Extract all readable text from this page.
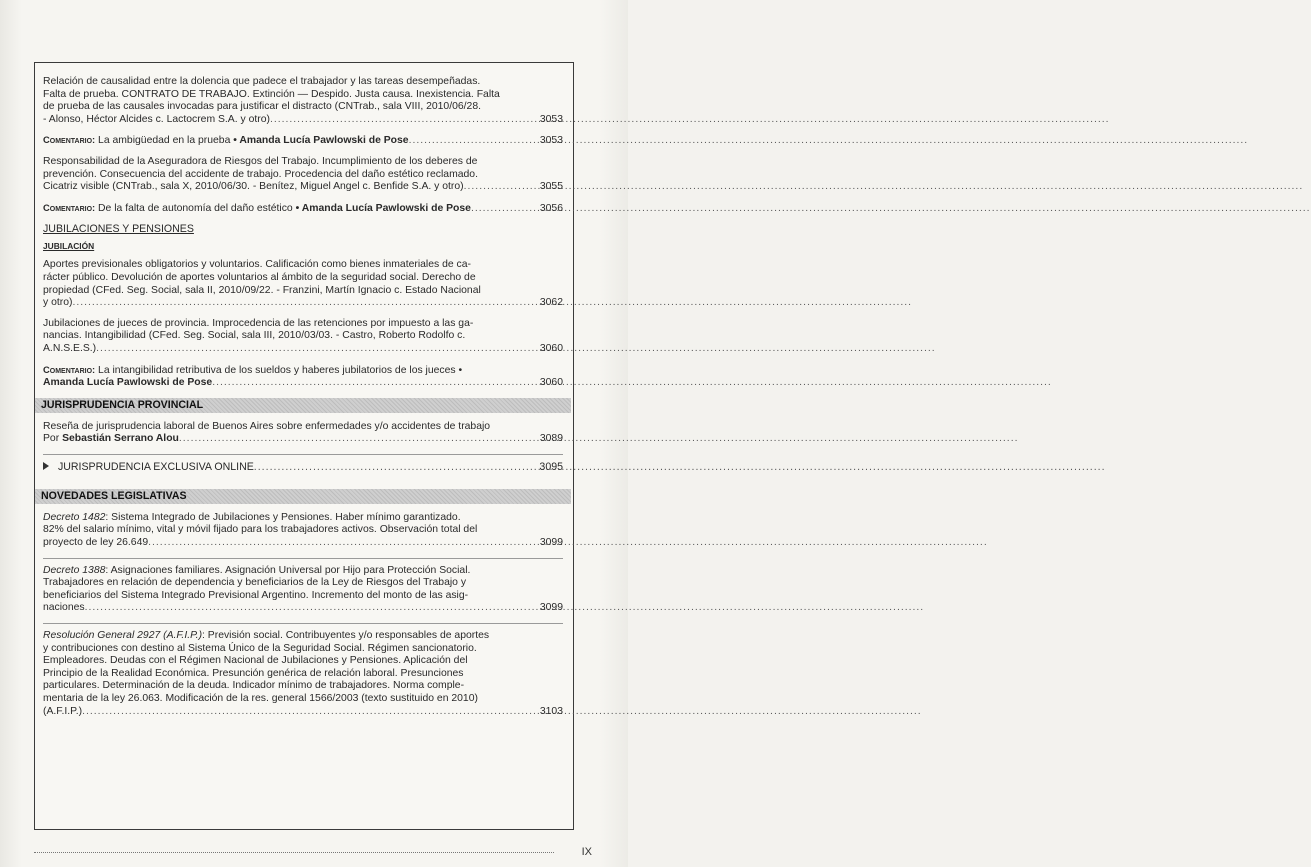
Relación de causalidad entre la dolencia que padece el trabajador y las tareas desempeñadas.

Falta de prueba. CONTRATO DE TRABAJO. Extinción — Despido. Justa causa. Inexistencia. Falta

de prueba de las causales invocadas para justificar el distracto (CNTrab., sala VIII, 2010/06/28.

- Alonso, Héctor Alcides c. Lactocrem S.A. y otro) .....	3053
Comentario: La ambigüedad en la prueba • Amanda Lucía Pawlowski de Pose .....	3053

Responsabilidad de la Aseguradora de Riesgos del Trabajo. Incumplimiento de los deberes de

prevención. Consecuencia del accidente de trabajo. Procedencia del daño estético reclamado.

Cicatriz visible (CNTrab., sala X, 2010/06/30. - Benítez, Miguel Angel c. Benfide S.A. y otro) .....	3055
Comentario: De la falta de autonomía del daño estético • Amanda Lucía Pawlowski de Pose .....	3056
JUBILACIONES Y PENSIONES
JUBILACIÓN

Aportes previsionales obligatorios y voluntarios. Calificación como bienes inmateriales de ca-

rácter público. Devolución de aportes voluntarios al ámbito de la seguridad social. Derecho de

propiedad (CFed. Seg. Social, sala II, 2010/09/22. - Franzini, Martín Ignacio c. Estado Nacional

y otro) .....	3062

Jubilaciones de jueces de provincia. Improcedencia de las retenciones por impuesto a las ga-

nancias. Intangibilidad (CFed. Seg. Social, sala III, 2010/03/03. - Castro, Roberto Rodolfo c.

A.N.S.E.S.) .....	3060

Comentario: La intangibilidad retributiva de los sueldos y haberes jubilatorios de los jueces •

Amanda Lucía Pawlowski de Pose .....	3060
JURISPRUDENCIA PROVINCIAL

Reseña de jurisprudencia laboral de Buenos Aires sobre enfermedades y/o accidentes de trabajo

Por Sebastián Serrano Alou .....	3089
JURISPRUDENCIA EXCLUSIVA ONLINE .....	3095
NOVEDADES LEGISLATIVAS

Decreto 1482: Sistema Integrado de Jubilaciones y Pensiones. Haber mínimo garantizado.

82% del salario mínimo, vital y móvil fijado para los trabajadores activos. Observación total del

proyecto de ley 26.649 .....	3099

Decreto 1388: Asignaciones familiares. Asignación Universal por Hijo para Protección Social.

Trabajadores en relación de dependencia y beneficiarios de la Ley de Riesgos del Trabajo y

beneficiarios del Sistema Integrado Previsional Argentino. Incremento del monto de las asig-

naciones .....	3099

Resolución General 2927 (A.F.I.P.): Previsión social. Contribuyentes y/o responsables de aportes

y contribuciones con destino al Sistema Único de la Seguridad Social. Régimen sancionatorio.

Empleadores. Deudas con el Régimen Nacional de Jubilaciones y Pensiones. Aplicación del

Principio de la Realidad Económica. Presunción genérica de relación laboral. Presunciones

particulares. Determinación de la deuda. Indicador mínimo de trabajadores. Norma comple-

mentaria de la ley 26.063. Modificación de la res. general 1566/2003 (texto sustituido en 2010)

(A.F.I.P.) .....	3103
IX
